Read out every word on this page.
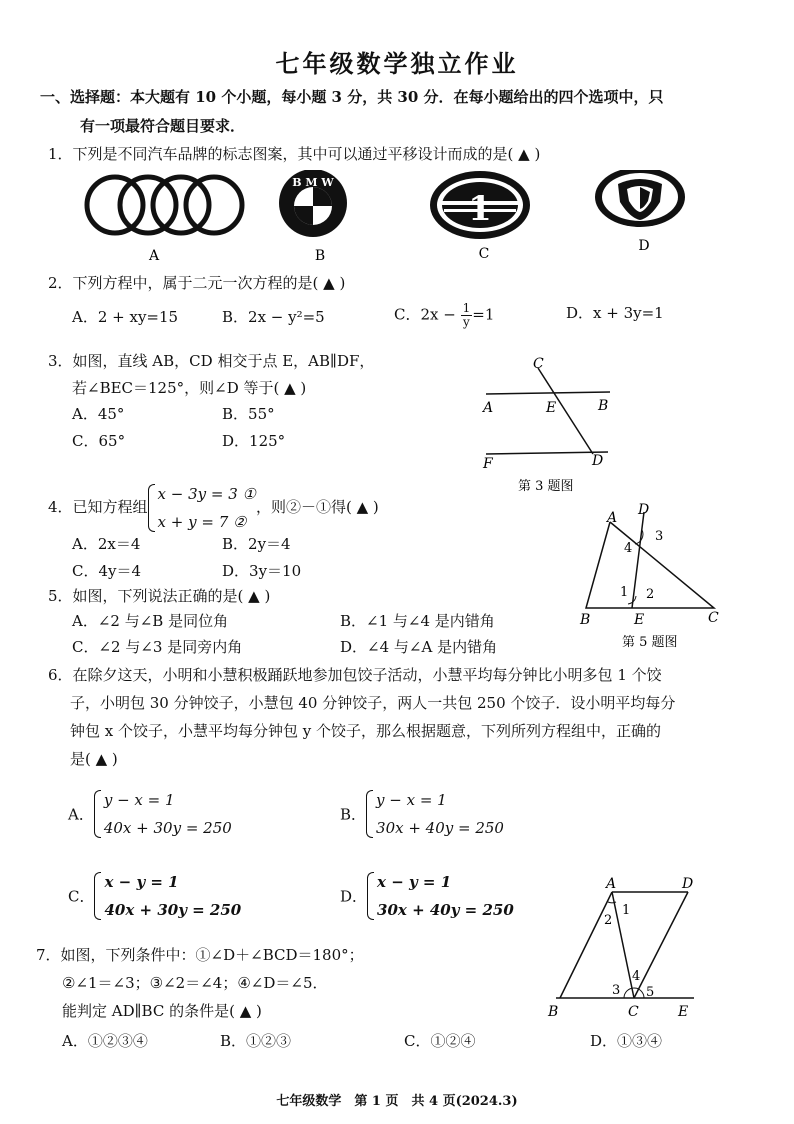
七年级数学独立作业
一、选择题：本大题有 10 个小题，每小题 3 分，共 30 分．在每小题给出的四个选项中，只
有一项最符合题目要求．
1．下列是不同汽车品牌的标志图案，其中可以通过平移设计而成的是( ▲ )
B M W
1
A	B	C	D
2．下列方程中，属于二元一次方程的是( ▲ )
A．2 + xy=15	B．2x − y²=5	C．$2x - \frac{1}{y} =1$	D．x + 3y=1
3．如图，直线 AB，CD 相交于点 E，AB∥DF，
若∠BEC＝125°，则∠D 等于( ▲ )
A．45°	B．55°
C．65°	D．125°
C
A	E	B
F	D
第 3 题图
4．已知方程组
x − 3y = 3 ①
x + y = 7 ②
，则②－①得( ▲ )
A．2x＝4	B．2y＝4
C．4y＝4	D．3y＝10
A D
3
4
1 2
B	E	C
第 5 题图
5．如图，下列说法正确的是( ▲ )
A．∠2 与∠B 是同位角	B．∠1 与∠4 是内错角
C．∠2 与∠3 是同旁内角	D．∠4 与∠A 是内错角
6．在除夕这天，小明和小慧积极踊跃地参加包饺子活动，小慧平均每分钟比小明多包 1 个饺
子，小明包 30 分钟饺子，小慧包 40 分钟饺子，两人一共包 250 个饺子．设小明平均每分
钟包 x 个饺子，小慧平均每分钟包 y 个饺子，那么根据题意，下列所列方程组中，正确的
是( ▲ )
A．
y − x = 1
40x + 30y = 250
B．
y − x = 1
30x + 40y = 250
C．
x − y = 1
40x + 30y = 250
D．
x − y = 1
30x + 40y = 250
7．如图，下列条件中：①∠D＋∠BCD＝180°；
②∠1＝∠3；③∠2＝∠4；④∠D＝∠5．
能判定 AD∥BC 的条件是( ▲ )
A．①②③④	B．①②③	C．①②④	D．①③④
A	D
2
1
4
3 5
B	C	E
七年级数学　第 1 页　共 4 页(2024.3)
